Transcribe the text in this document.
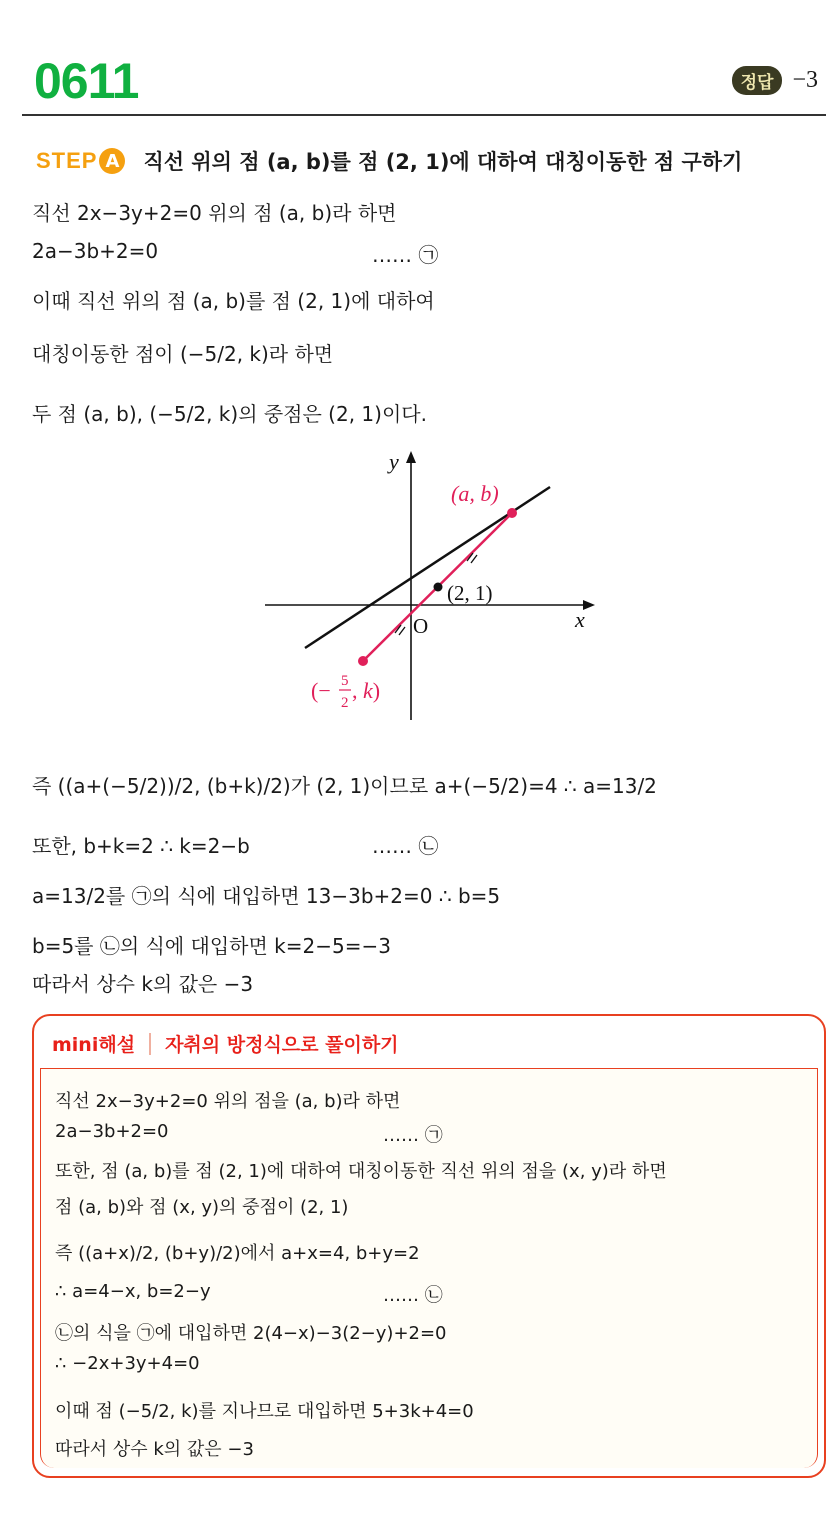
0611	정답 −3
STEP A 직선 위의 점 (a, b)를 점 (2, 1)에 대하여 대칭이동한 점 구하기
직선 2x−3y+2=0 위의 점 (a, b)라 하면
2a−3b+2=0	…… ㉠
이때 직선 위의 점 (a, b)를 점 (2, 1)에 대하여
대칭이동한 점이 (−5/2, k)라 하면
두 점 (a, b), (−5/2, k)의 중점은 (2, 1)이다.
(a, b)
(2, 1)
O	x
y
(− 5
2 , k)
즉 ((a+(−5/2))/2, (b+k)/2)가 (2, 1)이므로 a+(−5/2)=4 ∴ a=13/2
또한, b+k=2 ∴ k=2−b	…… ㉡
a=13/2를 ㉠의 식에 대입하면 13−3b+2=0 ∴ b=5
b=5를 ㉡의 식에 대입하면 k=2−5=−3
따라서 상수 k의 값은 −3
mini해설 자취의 방정식으로 풀이하기
직선 2x−3y+2=0 위의 점을 (a, b)라 하면
2a−3b+2=0	…… ㉠
또한, 점 (a, b)를 점 (2, 1)에 대하여 대칭이동한 직선 위의 점을 (x, y)라 하면
점 (a, b)와 점 (x, y)의 중점이 (2, 1)
즉 ((a+x)/2, (b+y)/2)에서 a+x=4, b+y=2
∴ a=4−x, b=2−y	…… ㉡
㉡의 식을 ㉠에 대입하면 2(4−x)−3(2−y)+2=0
∴ −2x+3y+4=0
이때 점 (−5/2, k)를 지나므로 대입하면 5+3k+4=0
따라서 상수 k의 값은 −3
